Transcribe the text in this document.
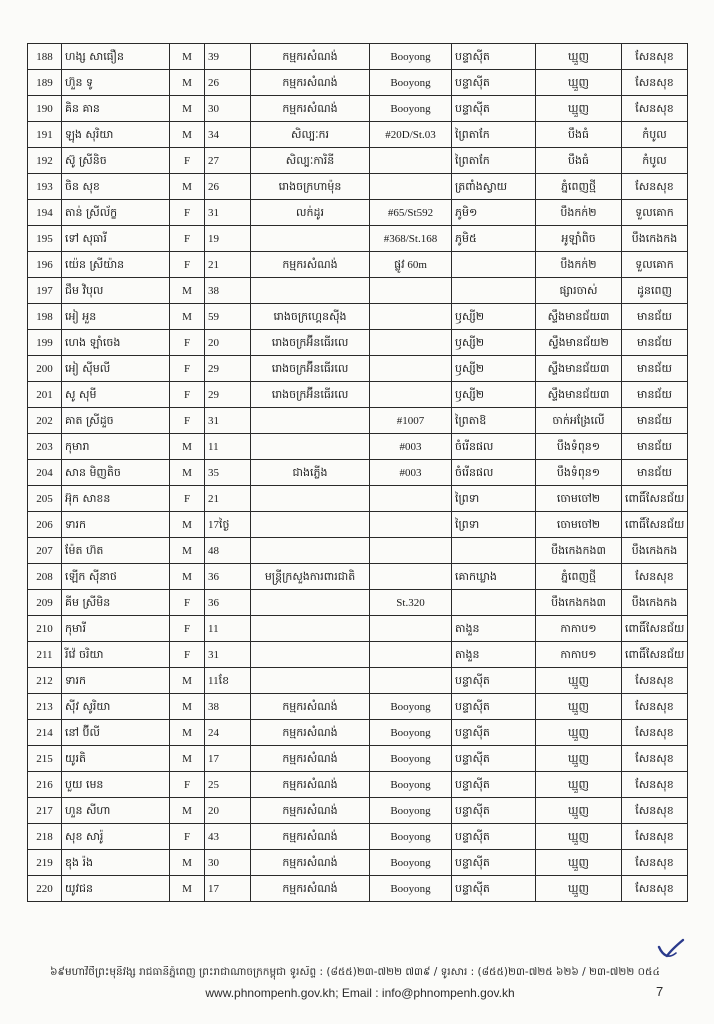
188	ហង្ស សាធឿន	M	39	កម្មករសំណង់	Booyong	បន្ទាស៊ីត	ឃ្មួញ	សែនសុខ
189	ហ៊ួន ទូ	M	26	កម្មករសំណង់	Booyong	បន្ទាស៊ីត	ឃ្មួញ	សែនសុខ
190	គិន គាន	M	30	កម្មករសំណង់	Booyong	បន្ទាស៊ីត	ឃ្មួញ	សែនសុខ
191	ឡុង សុរិយា	M	34	សិល្បៈករ	#20D/St.03	ព្រៃតាកែ	បឹងធំ	កំបូល
192	ស៊ូ ស្រីនិច	F	27	សិល្បៈការិនី		ព្រៃតាកែ	បឹងធំ	កំបូល
193	ចិន សុខ	M	26	រោងចក្រហាម៉ុន		ត្រពាំងស្វាយ	ភ្នំពេញថ្មី	សែនសុខ
194	តាន់ ស្រីល័ក្ខ	F	31	លក់ដូរ	#65/St592	ភូមិ១	បឹងកក់២	ទួលគោក
195	ទៅ សុធារី	F	19		#368/St.168	ភូមិ៥	អូឡាំពិច	បឹងកេងកង
196	យ៉េន ស្រីយ៉ាន	F	21	កម្មករសំណង់	ផ្លូវ 60m		បឹងកក់២	ទួលគោក
197	ជឹម វិបុល	M	38				ផ្សារចាស់	ដូនពេញ
198	អៀ អួន	M	59	រោងចក្រហ្គេនស៊ីង		ឫស្សី២	ស្ទឹងមានជ័យ៣	មានជ័យ
199	ហេង ឡាំចេង	F	20	រោងចក្រអ៊ីនធើរលេ		ឫស្សី២	ស្ទឹងមានជ័យ២	មានជ័យ
200	អៀ ស៊ីមលី	F	29	រោងចក្រអ៊ីនធើរលេ		ឫស្សី២	ស្ទឹងមានជ័យ៣	មានជ័យ
201	សូ សុមី	F	29	រោងចក្រអ៊ីនធើរលេ		ឫស្សី២	ស្ទឹងមានជ័យ៣	មានជ័យ
202	គាត ស្រីដួច	F	31		#1007	ព្រៃតាឱ	ចាក់អង្រែលើ	មានជ័យ
203	កុមារា	M	11		#003	ចំរើនផល	បឹងទំពុន១	មានជ័យ
204	សាន មិញតិច	M	35	ជាងភ្លើង	#003	ចំរើនផល	បឹងទំពុន១	មានជ័យ
205	អ៊ុក សាខន	F	21			ព្រៃទា	ចោមចៅ២	ពោធិ៍សែនជ័យ
206	ទារក	M	17ថ្ងៃ			ព្រៃទា	ចោមចៅ២	ពោធិ៍សែនជ័យ
207	ម៉ែត ហ៊ត	M	48				បឹងកេងកង៣	បឹងកេងកង
208	ឡើក ស៊ីនាថ	M	36	មន្ត្រីក្រសួងការពារជាតិ		គោកឃ្លាង	ភ្នំពេញថ្មី	សែនសុខ
209	គីម ស្រីមិន	F	36		St.320		បឹងកេងកង៣	បឹងកេងកង
210	កុមារី	F	11			តាងួន	កាកាប១	ពោធិ៍សែនជ័យ
211	រីវ៉េ ចរិយា	F	31			តាងួន	កាកាប១	ពោធិ៍សែនជ័យ
212	ទារក	M	11ខែ			បន្ទាស៊ីត	ឃ្មួញ	សែនសុខ
213	ស៊ីវ សូរិយា	M	38	កម្មករសំណង់	Booyong	បន្ទាស៊ីត	ឃ្មួញ	សែនសុខ
214	នៅ ប៊ីលី	M	24	កម្មករសំណង់	Booyong	បន្ទាស៊ីត	ឃ្មួញ	សែនសុខ
215	យូរតិ	M	17	កម្មករសំណង់	Booyong	បន្ទាស៊ីត	ឃ្មួញ	សែនសុខ
216	បួយ មេន	F	25	កម្មករសំណង់	Booyong	បន្ទាស៊ីត	ឃ្មួញ	សែនសុខ
217	ហួន សីហា	M	20	កម្មករសំណង់	Booyong	បន្ទាស៊ីត	ឃ្មួញ	សែនសុខ
218	សុខ សារ៉ូ	F	43	កម្មករសំណង់	Booyong	បន្ទាស៊ីត	ឃ្មួញ	សែនសុខ
219	ឌុង រ៉ង	M	30	កម្មករសំណង់	Booyong	បន្ទាស៊ីត	ឃ្មួញ	សែនសុខ
220	យូវជន	M	17	កម្មករសំណង់	Booyong	បន្ទាស៊ីត	ឃ្មួញ	សែនសុខ
៦៩មហាវិថីព្រះមុនីវង្ស រាជធានីភ្នំពេញ ព្រះរាជាណាចក្រកម្ពុជា ទូរស័ព្ទ : (៨៥៥)២៣-៧២២ ៧៣៩ / ទូរសារ : (៨៥៥)២៣-៧២៥ ៦២៦ / ២៣-៧២២ ០៥៤
www.phnompenh.gov.kh; Email : info@phnompenh.gov.kh	7
